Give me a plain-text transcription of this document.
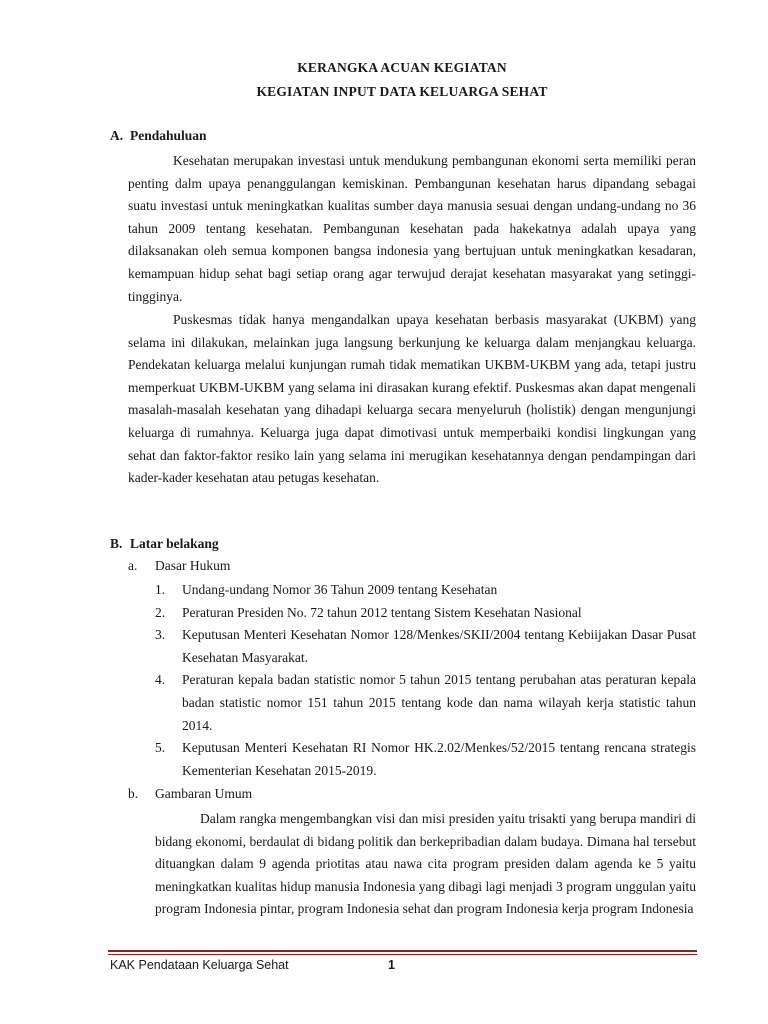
KERANGKA ACUAN KEGIATAN
KEGIATAN INPUT DATA KELUARGA SEHAT
A. Pendahuluan

Kesehatan merupakan investasi untuk mendukung pembangunan ekonomi serta memiliki peran penting dalm upaya penanggulangan kemiskinan. Pembangunan kesehatan harus dipandang sebagai suatu investasi untuk meningkatkan kualitas sumber daya manusia sesuai dengan undang-undang no 36 tahun 2009 tentang kesehatan. Pembangunan kesehatan pada hakekatnya adalah upaya yang dilaksanakan oleh semua komponen bangsa indonesia yang bertujuan untuk meningkatkan kesadaran, kemampuan hidup sehat bagi setiap orang agar terwujud derajat kesehatan masyarakat yang setinggi-tingginya.

Puskesmas tidak hanya mengandalkan upaya kesehatan berbasis masyarakat (UKBM) yang selama ini dilakukan, melainkan juga langsung berkunjung ke keluarga dalam menjangkau keluarga. Pendekatan keluarga melalui kunjungan rumah tidak mematikan UKBM-UKBM yang ada, tetapi justru memperkuat UKBM-UKBM yang selama ini dirasakan kurang efektif. Puskesmas akan dapat mengenali masalah-masalah kesehatan yang dihadapi keluarga secara menyeluruh (holistik) dengan mengunjungi keluarga di rumahnya. Keluarga juga dapat dimotivasi untuk memperbaiki kondisi lingkungan yang sehat dan faktor-faktor resiko lain yang selama ini merugikan kesehatannya dengan pendampingan dari kader-kader kesehatan atau petugas kesehatan.

B. Latar belakang
a. Dasar Hukum
1. Undang-undang Nomor 36 Tahun 2009 tentang Kesehatan
2. Peraturan Presiden No. 72 tahun 2012 tentang Sistem Kesehatan Nasional
3. Keputusan Menteri Kesehatan Nomor 128/Menkes/SKII/2004 tentang Kebiijakan Dasar Pusat Kesehatan Masyarakat.
4. Peraturan kepala badan statistic nomor 5 tahun 2015 tentang perubahan atas peraturan kepala badan statistic nomor 151 tahun 2015 tentang kode dan nama wilayah kerja statistic tahun 2014.
5. Keputusan Menteri Kesehatan RI Nomor HK.2.02/Menkes/52/2015 tentang rencana strategis Kementerian Kesehatan 2015-2019.
b. Gambaran Umum

Dalam rangka mengembangkan visi dan misi presiden yaitu trisakti yang berupa mandiri di bidang ekonomi, berdaulat di bidang politik dan berkepribadian dalam budaya. Dimana hal tersebut dituangkan dalam 9 agenda priotitas atau nawa cita program presiden dalam agenda ke 5 yaitu meningkatkan kualitas hidup manusia Indonesia yang dibagi lagi menjadi 3 program unggulan yaitu program Indonesia pintar, program Indonesia sehat dan program Indonesia kerja program Indonesia

KAK Pendataan Keluarga Sehat	1
